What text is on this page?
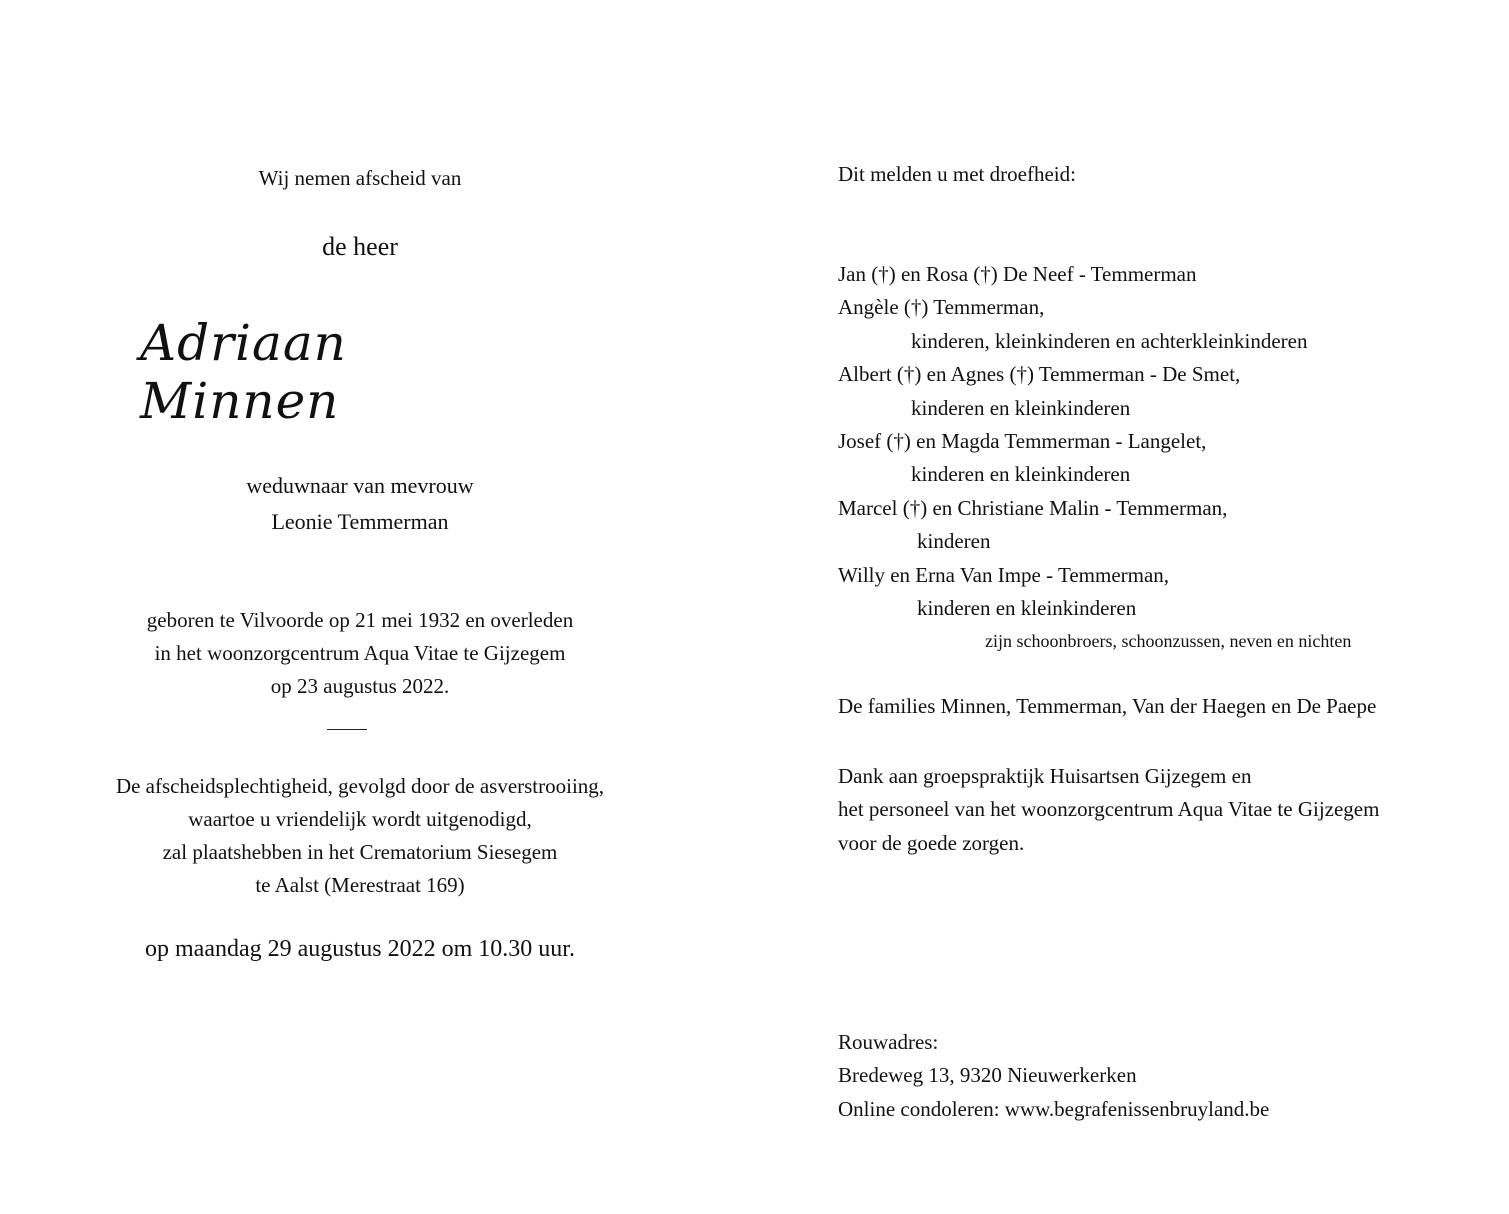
Wij nemen afscheid van
de heer
Adriaan Minnen
weduwnaar van mevrouw
Leonie Temmerman
geboren te Vilvoorde op 21 mei 1932 en overleden
in het woonzorgcentrum Aqua Vitae te Gijzegem
op 23 augustus 2022.
De afscheidsplechtigheid, gevolgd door de asverstrooiing,
waartoe u vriendelijk wordt uitgenodigd,
zal plaatshebben in het Crematorium Siesegem
te Aalst (Merestraat 169)
op maandag 29 augustus 2022 om 10.30 uur.
Dit melden u met droefheid:
Jan (†) en Rosa (†) De Neef - Temmerman
Angèle (†) Temmerman,
kinderen, kleinkinderen en achterkleinkinderen
Albert (†) en Agnes (†) Temmerman - De Smet,
kinderen en kleinkinderen
Josef (†) en Magda Temmerman - Langelet,
kinderen en kleinkinderen
Marcel (†) en Christiane Malin - Temmerman,
kinderen
Willy en Erna Van Impe - Temmerman,
kinderen en kleinkinderen
zijn schoonbroers, schoonzussen, neven en nichten
De families Minnen, Temmerman, Van der Haegen en De Paepe
Dank aan groepspraktijk Huisartsen Gijzegem en
het personeel van het woonzorgcentrum Aqua Vitae te Gijzegem
voor de goede zorgen.
Rouwadres:
Bredeweg 13, 9320 Nieuwerkerken
Online condoleren: www.begrafenissenbruyland.be
